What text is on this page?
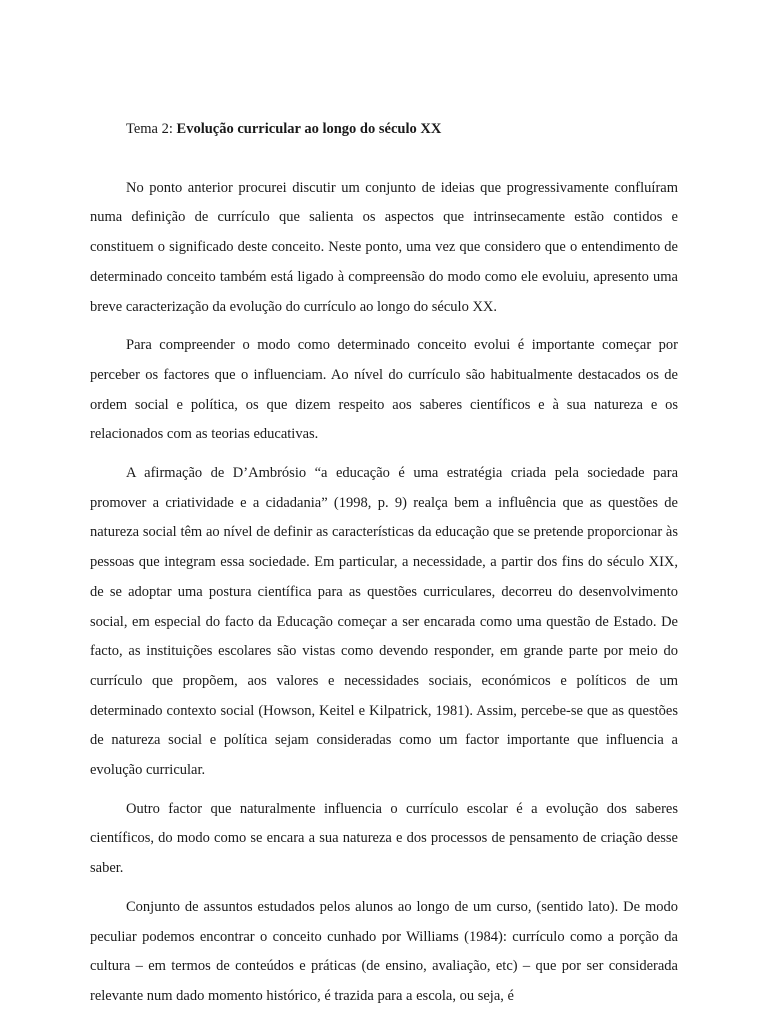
Tema 2: Evolução curricular ao longo do século XX

No ponto anterior procurei discutir um conjunto de ideias que progressivamente confluíram numa definição de currículo que salienta os aspectos que intrinsecamente estão contidos e constituem o significado deste conceito. Neste ponto, uma vez que considero que o entendimento de determinado conceito também está ligado à compreensão do modo como ele evoluiu, apresento uma breve caracterização da evolução do currículo ao longo do século XX.

Para compreender o modo como determinado conceito evolui é importante começar por perceber os factores que o influenciam. Ao nível do currículo são habitualmente destacados os de ordem social e política, os que dizem respeito aos saberes científicos e à sua natureza e os relacionados com as teorias educativas.

A afirmação de D’Ambrósio “a educação é uma estratégia criada pela sociedade para promover a criatividade e a cidadania” (1998, p. 9) realça bem a influência que as questões de natureza social têm ao nível de definir as características da educação que se pretende proporcionar às pessoas que integram essa sociedade. Em particular, a necessidade, a partir dos fins do século XIX, de se adoptar uma postura científica para as questões curriculares, decorreu do desenvolvimento social, em especial do facto da Educação começar a ser encarada como uma questão de Estado. De facto, as instituições escolares são vistas como devendo responder, em grande parte por meio do currículo que propõem, aos valores e necessidades sociais, económicos e políticos de um determinado contexto social (Howson, Keitel e Kilpatrick, 1981). Assim, percebe-se que as questões de natureza social e política sejam consideradas como um factor importante que influencia a evolução curricular.

Outro factor que naturalmente influencia o currículo escolar é a evolução dos saberes científicos, do modo como se encara a sua natureza e dos processos de pensamento de criação desse saber.

Conjunto de assuntos estudados pelos alunos ao longo de um curso, (sentido lato). De modo peculiar podemos encontrar o conceito cunhado por Williams (1984): currículo como a porção da cultura – em termos de conteúdos e práticas (de ensino, avaliação, etc) – que por ser considerada relevante num dado momento histórico, é trazida para a escola, ou seja, é
